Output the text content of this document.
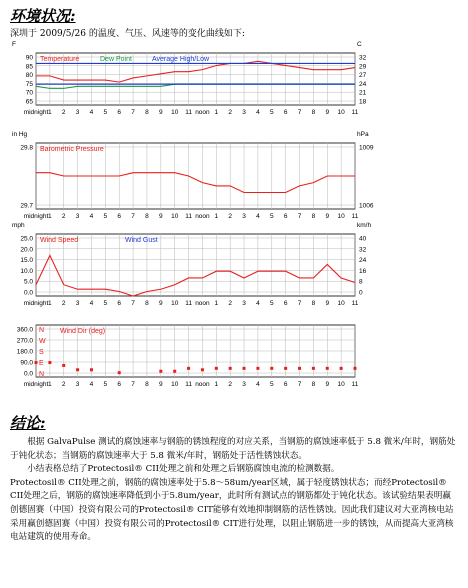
环境状况:
深圳于 2009/5/26 的温度、气压、风速等的变化曲线如下:
90	32
85	29
80	27
75	24
70	21
65	18
F	C
Temperature	Dew Point	Average High/Low
midnight 1 2 3 4 5 6 7 8 9 10 11 noon 1 2 3 4 5 6 7 8 9 10 11
29.8	1009
29.7	1006
in Hg	hPa
Barometric Pressure
midnight 1 2 3 4 5 6 7 8 9 10 11 noon 1 2 3 4 5 6 7 8 9 10 11
25.0	40
20.0	32
15.0	24
10.0	16
5.0	8
0.0	0
mph	km/h
Wind Speed	Wind Gust
midnight 1 2 3 4 5 6 7 8 9 10 11 noon 1 2 3 4 5 6 7 8 9 10 11
360.0 N
270.0 W
180.0 S
90.0 E
0.0 N
Wind Dir (deg)
midnight 1 2 3 4 5 6 7 8 9 10 11 noon 1 2 3 4 5 6 7 8 9 10 11
结论:

根据 GalvaPulse 测试的腐蚀速率与钢筋的锈蚀程度的对应关系，当钢筋的腐蚀速率低于 5.8 微米/年时，钢筋处于钝化状态；当钢筋的腐蚀速率大于 5.8 微米/年时，钢筋处于活性锈蚀状态。

小结表格总结了Protectosil® CII处理之前和处理之后钢筋腐蚀电流的检测数据。

Protectosil® CII处理之前，钢筋的腐蚀速率处于5.8～58um/year区域，属于轻度锈蚀状态；而经Protectosil® CII处理之后，钢筋的腐蚀速率降低到小于5.8um/year，此时所有测试点的钢筋都处于钝化状态。该试验结果表明赢创德固赛（中国）投资有限公司的Protectosil® CIT能够有效地抑制钢筋的活性锈蚀。因此我们建议对大亚湾核电站采用赢创德固赛（中国）投资有限公司的Protectosil® CIT进行处理，以阻止钢筋进一步的锈蚀，从而提高大亚湾核电站建筑的使用寿命。
